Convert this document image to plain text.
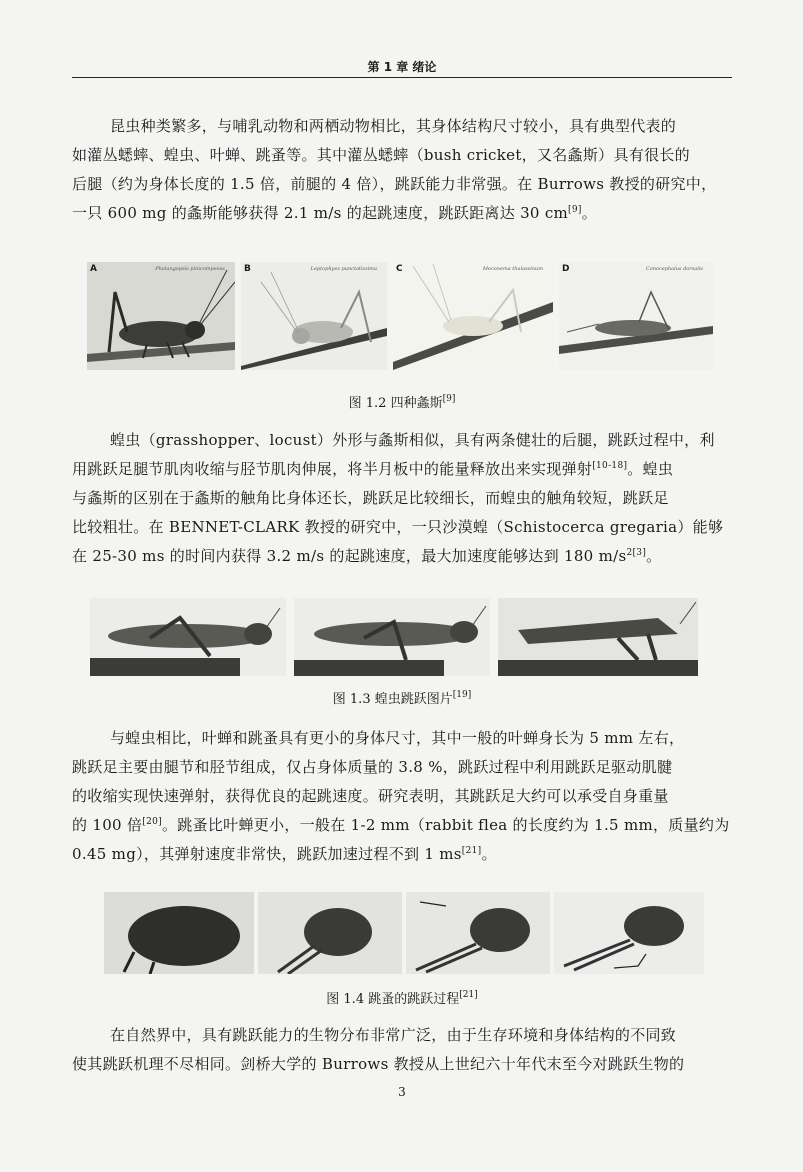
第 1 章 绪论
昆虫种类繁多，与哺乳动物和两栖动物相比，其身体结构尺寸较小，具有典型代表的
如灌丛蟋蟀、蝗虫、叶蝉、跳蚤等。其中灌丛蟋蟀（bush cricket，又名螽斯）具有很长的
后腿（约为身体长度的 1.5 倍，前腿的 4 倍），跳跃能力非常强。在 Burrows 教授的研究中，
一只 600 mg 的螽斯能够获得 2.1 m/s 的起跳速度，跳跃距离达 30 cm[9]。
A	Phalangopsis pinicompesus B	Leptophyes punctatissima C	Meconema thalassinum D	Conocephalus dorsalis
图 1.2 四种螽斯[9]
蝗虫（grasshopper、locust）外形与螽斯相似，具有两条健壮的后腿，跳跃过程中，利
用跳跃足腿节肌肉收缩与胫节肌肉伸展，将半月板中的能量释放出来实现弹射[10-18]。蝗虫
与螽斯的区别在于螽斯的触角比身体还长，跳跃足比较细长，而蝗虫的触角较短，跳跃足
比较粗壮。在 BENNET-CLARK 教授的研究中，一只沙漠蝗（Schistocerca gregaria）能够
在 25-30 ms 的时间内获得 3.2 m/s 的起跳速度，最大加速度能够达到 180 $m/s^{2[3]}$。
图 1.3 蝗虫跳跃图片[19]
与蝗虫相比，叶蝉和跳蚤具有更小的身体尺寸，其中一般的叶蝉身长为 5 mm 左右，
跳跃足主要由腿节和胫节组成，仅占身体质量的 3.8 %，跳跃过程中利用跳跃足驱动肌腱
的收缩实现快速弹射，获得优良的起跳速度。研究表明，其跳跃足大约可以承受自身重量
的 100 倍[20]。跳蚤比叶蝉更小，一般在 1-2 mm（rabbit flea 的长度约为 1.5 mm，质量约为
0.45 mg），其弹射速度非常快，跳跃加速过程不到 1 ms[21]。
图 1.4 跳蚤的跳跃过程[21]
在自然界中，具有跳跃能力的生物分布非常广泛，由于生存环境和身体结构的不同致
使其跳跃机理不尽相同。剑桥大学的 Burrows 教授从上世纪六十年代末至今对跳跃生物的
3
